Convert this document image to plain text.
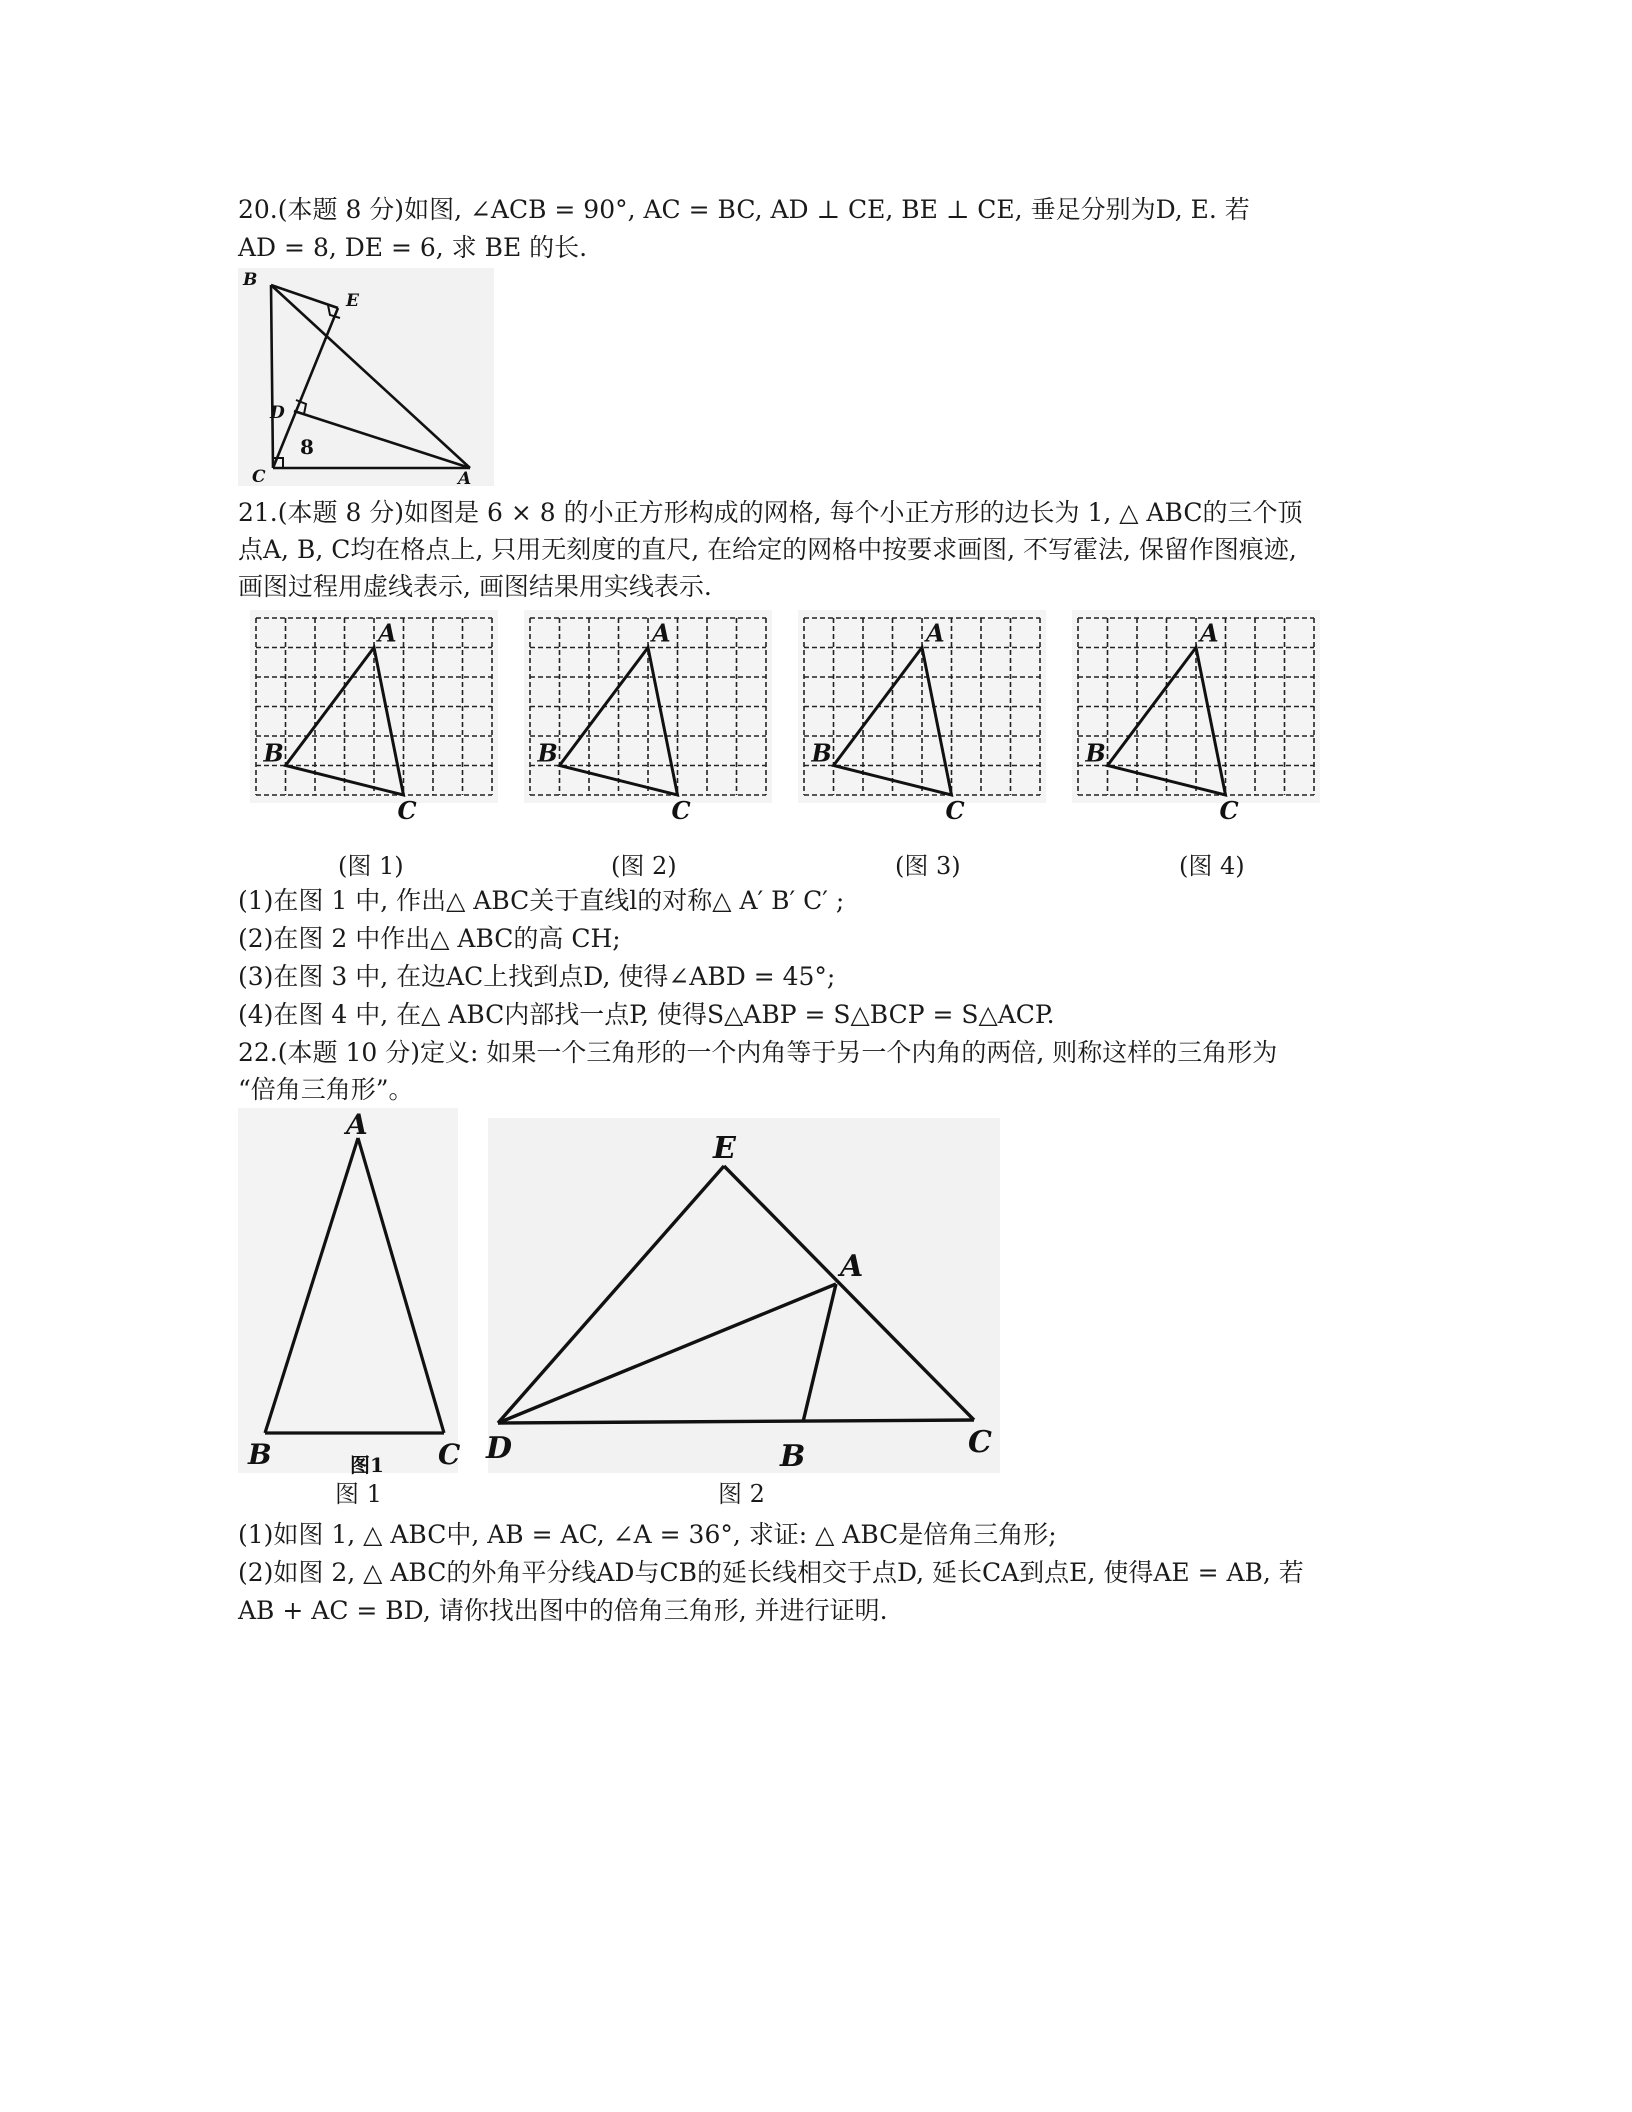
20.(本题 8 分)如图, ∠ACB = 90°, AC = BC, AD ⊥ CE, BE ⊥ CE, 垂足分别为D, E. 若
AD = 8, DE = 6, 求 BE 的长.
B
E
D
C	A
8
21.(本题 8 分)如图是 6 × 8 的小正方形构成的网格, 每个小正方形的边长为 1, △ ABC的三个顶
点A, B, C均在格点上, 只用无刻度的直尺, 在给定的网格中按要求画图, 不写霍法, 保留作图痕迹,
画图过程用虚线表示, 画图结果用实线表示.
A
B
C
A
B
C
A
B
C
A
B
C
(图 1)	(图 2)	(图 3)	(图 4)
(1)在图 1 中, 作出△ ABC关于直线l的对称△ A′ B′ C′ ;
(2)在图 2 中作出△ ABC的高 CH;
(3)在图 3 中, 在边AC上找到点D, 使得∠ABD = 45°;
(4)在图 4 中, 在△ ABC内部找一点P, 使得S△ABP = S△BCP = S△ACP.
22.(本题 10 分)定义: 如果一个三角形的一个内角等于另一个内角的两倍, 则称这样的三角形为
“倍角三角形”。
A
B	C
图1
图 1
E
A
D	B	C
图 2
(1)如图 1, △ ABC中, AB = AC, ∠A = 36°, 求证: △ ABC是倍角三角形;
(2)如图 2, △ ABC的外角平分线AD与CB的延长线相交于点D, 延长CA到点E, 使得AE = AB, 若
AB + AC = BD, 请你找出图中的倍角三角形, 并进行证明.
